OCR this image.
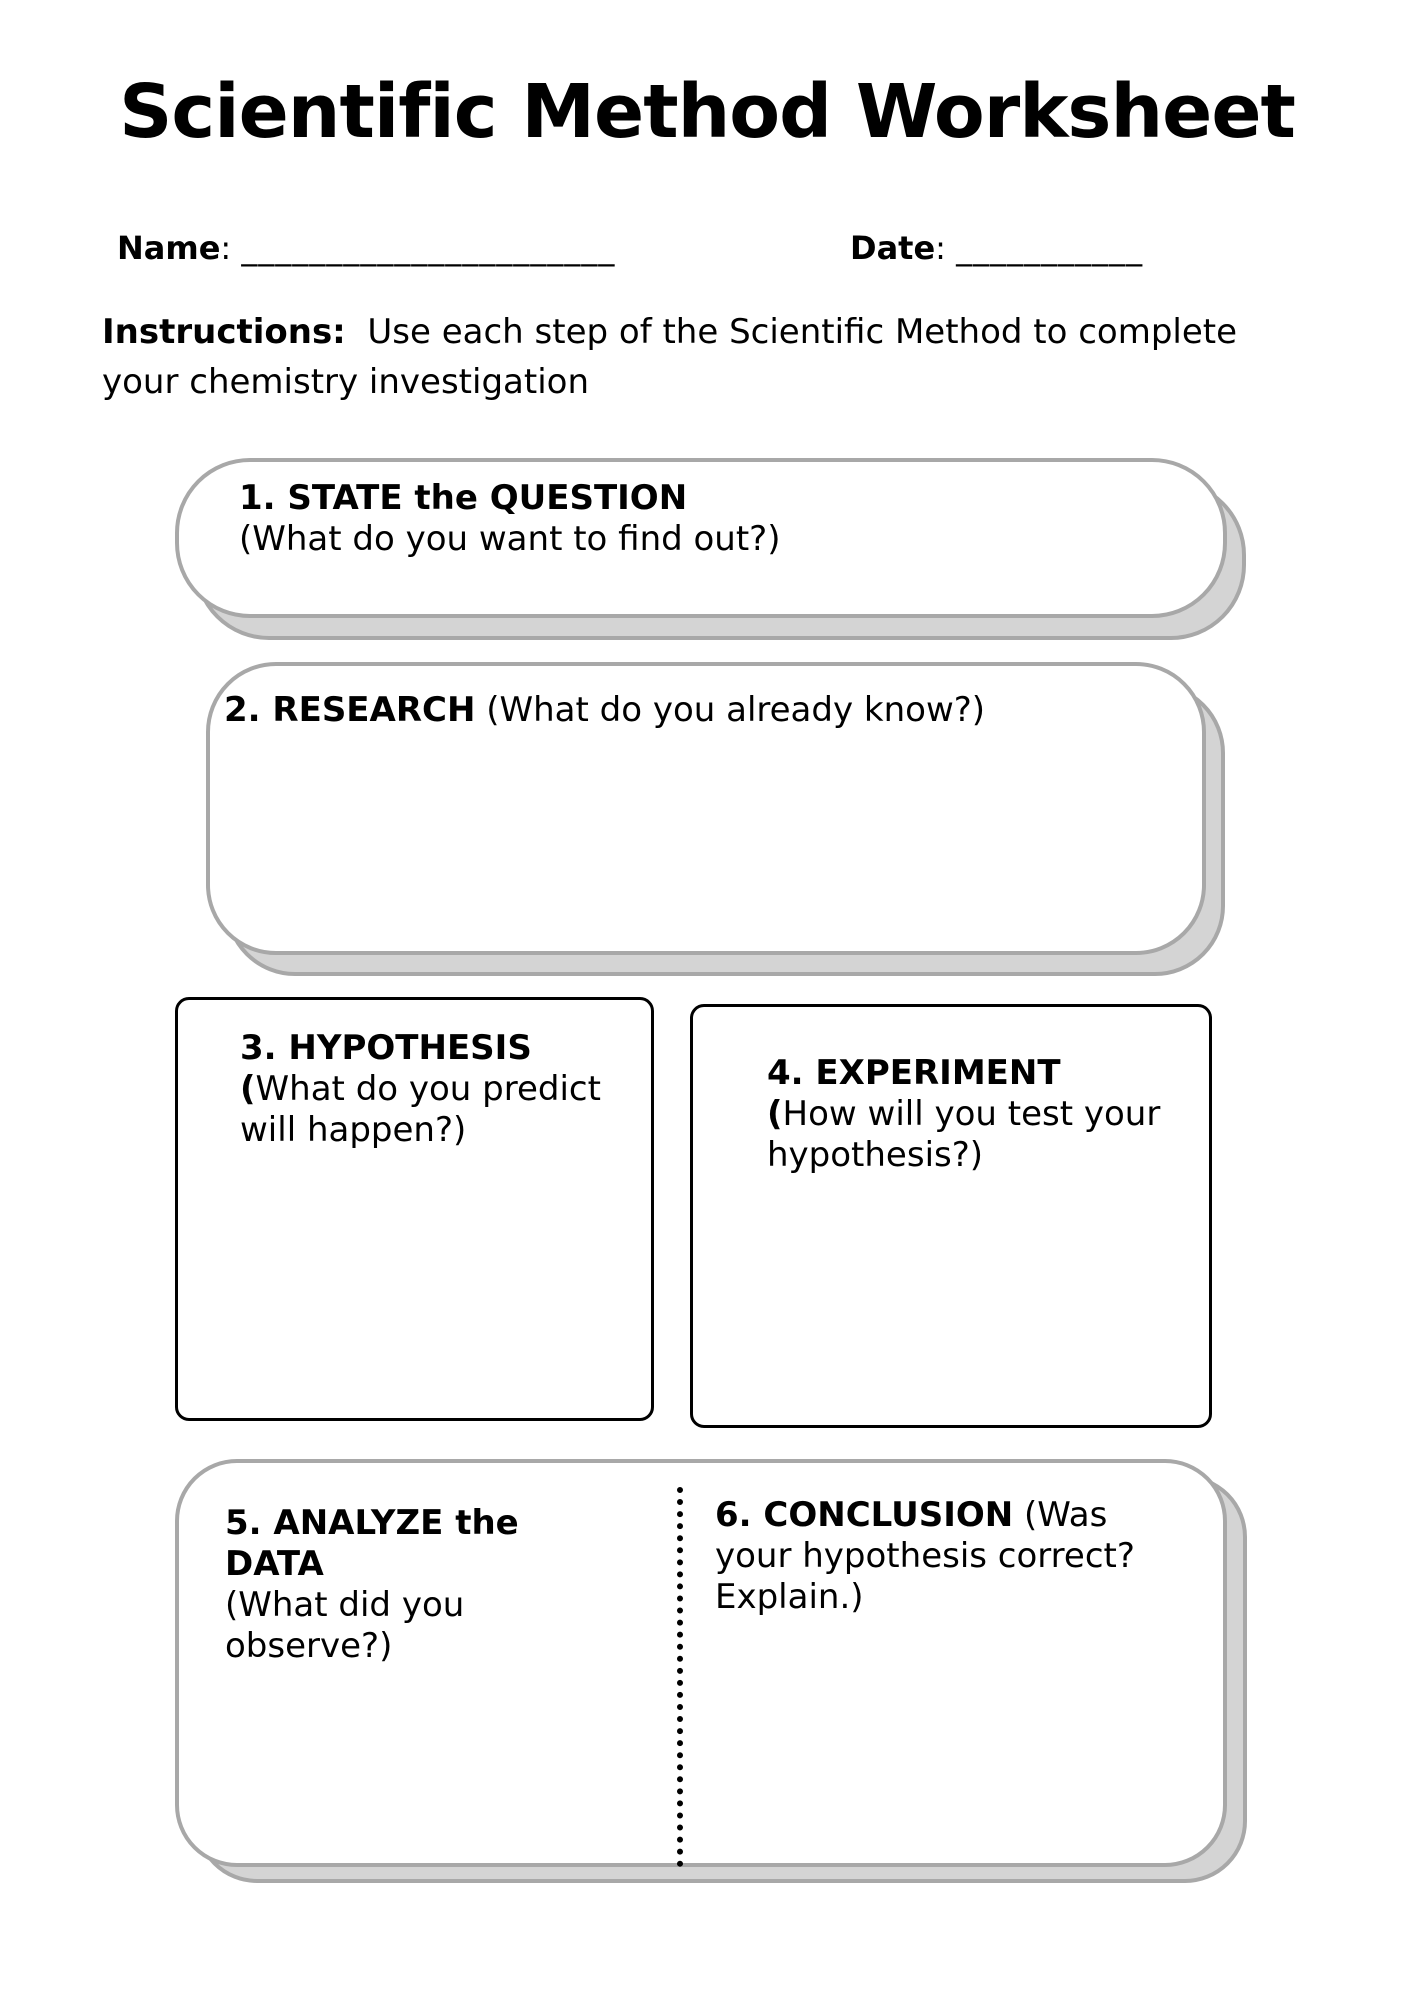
Scientific Method Worksheet
Name: ______________________	Date: ___________
Instructions: Use each step of the Scientific Method to complete your chemistry investigation
1. STATE the QUESTION
(What do you want to find out?)
2. RESEARCH (What do you already know?)
3. HYPOTHESIS
(What do you predict will happen?)
4. EXPERIMENT
(How will you test your hypothesis?)
5. ANALYZE the DATA
(What did you observe?)
6. CONCLUSION (Was your hypothesis correct? Explain.)
